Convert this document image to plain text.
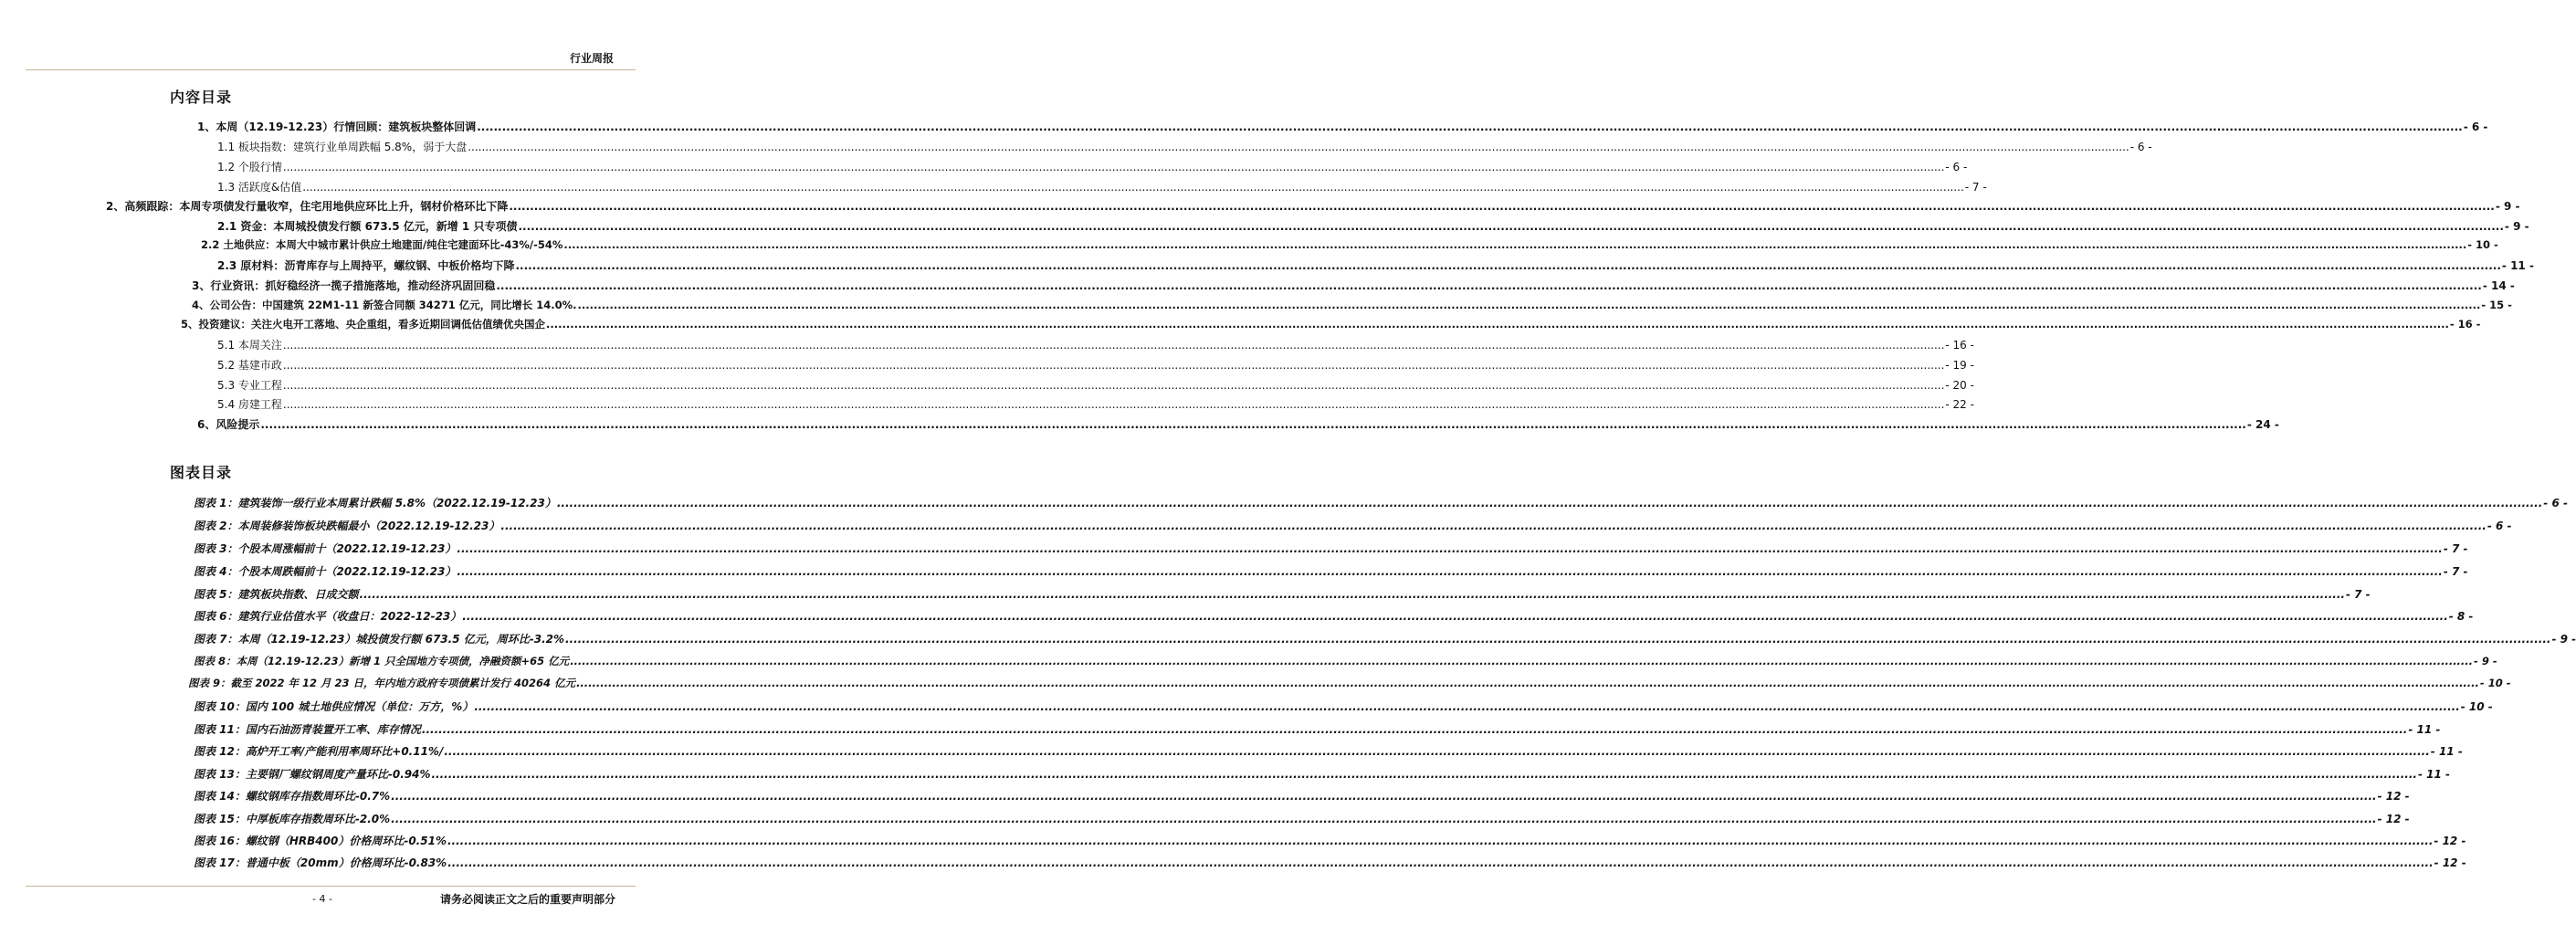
行业周报
内容目录
1、本周（12.19-12.23）行情回顾：建筑板块整体回调 .....	- 6 -
1.1 板块指数：建筑行业单周跌幅 5.8%，弱于大盘 .....	- 6 -
1.2 个股行情 .....	- 6 -
1.3 活跃度&估值 .....	- 7 -
2、高频跟踪：本周专项债发行量收窄，住宅用地供应环比上升，钢材价格环比下降 .....	- 9 -
2.1 资金：本周城投债发行额 673.5 亿元，新增 1 只专项债 .....	- 9 -
2.2 土地供应：本周大中城市累计供应土地建面/纯住宅建面环比-43%/-54% .....	- 10 -
2.3 原材料：沥青库存与上周持平，螺纹钢、中板价格均下降 .....	- 11 -
3、行业资讯：抓好稳经济一揽子措施落地，推动经济巩固回稳 .....	- 14 -
4、公司公告：中国建筑 22M1-11 新签合同额 34271 亿元，同比增长 14.0%. .....	- 15 -
5、投资建议：关注火电开工落地、央企重组，看多近期回调低估值绩优央国企 .....	- 16 -
5.1 本周关注 .....	- 16 -
5.2 基建市政 .....	- 19 -
5.3 专业工程 .....	- 20 -
5.4 房建工程 .....	- 22 -
6、风险提示 .....	- 24 -
图表目录
图表 1：建筑装饰一级行业本周累计跌幅 5.8%（2022.12.19-12.23） .....	- 6 -
图表 2：本周装修装饰板块跌幅最小（2022.12.19-12.23） .....	- 6 -
图表 3：个股本周涨幅前十（2022.12.19-12.23） .....	- 7 -
图表 4：个股本周跌幅前十（2022.12.19-12.23） .....	- 7 -
图表 5：建筑板块指数、日成交额 .....	- 7 -
图表 6：建筑行业估值水平（收盘日：2022-12-23） .....	- 8 -
图表 7：本周（12.19-12.23）城投债发行额 673.5 亿元，周环比-3.2% .....	- 9 -
图表 8：本周（12.19-12.23）新增 1 只全国地方专项债，净融资额+65 亿元 .....	- 9 -
图表 9：截至 2022 年 12 月 23 日，年内地方政府专项债累计发行 40264 亿元 .....	- 10 -
图表 10：国内 100 城土地供应情况（单位：万方，%） .....	- 10 -
图表 11：国内石油沥青装置开工率、库存情况 .....	- 11 -
图表 12：高炉开工率/产能利用率周环比+0.11%/ .....	- 11 -
图表 13：主要钢厂螺纹钢周度产量环比-0.94% .....	- 11 -
图表 14：螺纹钢库存指数周环比-0.7% .....	- 12 -
图表 15：中厚板库存指数周环比-2.0% .....	- 12 -
图表 16：螺纹钢（HRB400）价格周环比-0.51% .....	- 12 -
图表 17：普通中板（20mm）价格周环比-0.83% .....	- 12 -
- 4 -	请务必阅读正文之后的重要声明部分
